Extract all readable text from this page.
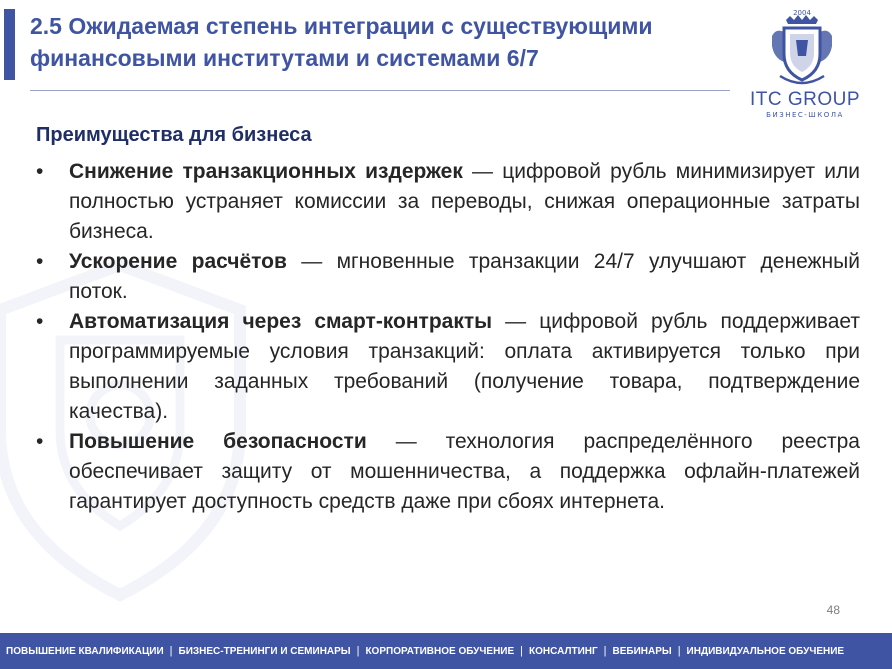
2.5 Ожидаемая степень интеграции с существующими
финансовыми институтами и системами 6/7
2004
ITC GROUP
БИЗНЕС-ШКОЛА
Преимущества для бизнеса
•	Снижение транзакционных издержек — цифровой рубль минимизирует или полностью устраняет комиссии за переводы, снижая операционные затраты бизнеса.
•	Ускорение расчётов — мгновенные транзакции 24/7 улучшают денежный поток.
•	Автоматизация через смарт-контракты — цифровой рубль поддерживает программируемые условия транзакций: оплата активируется только при выполнении заданных требований (получение товара, подтверждение качества).
•	Повышение безопасности — технология распределённого реестра обеспечивает защиту от мошенничества, а поддержка офлайн-платежей гарантирует доступность средств даже при сбоях интернета.
48
ПОВЫШЕНИЕ КВАЛИФИКАЦИИ | БИЗНЕС-ТРЕНИНГИ И СЕМИНАРЫ | КОРПОРАТИВНОЕ ОБУЧЕНИЕ | КОНСАЛТИНГ | ВЕБИНАРЫ | ИНДИВИДУАЛЬНОЕ ОБУЧЕНИЕ
